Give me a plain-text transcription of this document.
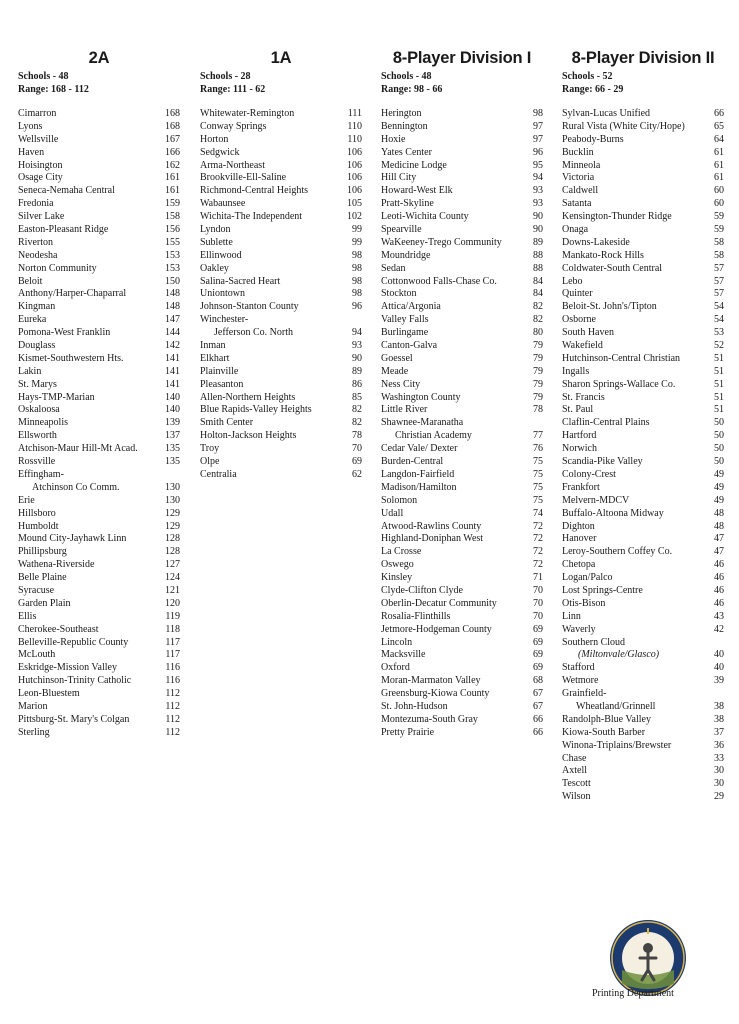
2A
Schools - 48
Range: 168 - 112
Cimarron	168
Lyons	168
Wellsville	167
Haven	166
Hoisington	162
Osage City	161
Seneca-Nemaha Central	161
Fredonia	159
Silver Lake	158
Easton-Pleasant Ridge	156
Riverton	155
Neodesha	153
Norton Community	153
Beloit	150
Anthony/Harper-Chaparral	148
Kingman	148
Eureka	147
Pomona-West Franklin	144
Douglass	142
Kismet-Southwestern Hts.	141
Lakin	141
St. Marys	141
Hays-TMP-Marian	140
Oskaloosa	140
Minneapolis	139
Ellsworth	137
Atchison-Maur Hill-Mt Acad.	135
Rossville	135
Effingham-
Atchinson Co Comm.	130
Erie	130
Hillsboro	129
Humboldt	129
Mound City-Jayhawk Linn	128
Phillipsburg	128
Wathena-Riverside	127
Belle Plaine	124
Syracuse	121
Garden Plain	120
Ellis	119
Cherokee-Southeast	118
Belleville-Republic County	117
McLouth	117
Eskridge-Mission Valley	116
Hutchinson-Trinity Catholic	116
Leon-Bluestem	112
Marion	112
Pittsburg-St. Mary's Colgan	112
Sterling	112
1A
Schools - 28
Range: 111 - 62
Whitewater-Remington	111
Conway Springs	110
Horton	110
Sedgwick	106
Arma-Northeast	106
Brookville-Ell-Saline	106
Richmond-Central Heights	106
Wabaunsee	105
Wichita-The Independent	102
Lyndon	99
Sublette	99
Ellinwood	98
Oakley	98
Salina-Sacred Heart	98
Uniontown	98
Johnson-Stanton County	96
Winchester-
Jefferson Co. North	94
Inman	93
Elkhart	90
Plainville	89
Pleasanton	86
Allen-Northern Heights	85
Blue Rapids-Valley Heights	82
Smith Center	82
Holton-Jackson Heights	78
Troy	70
Olpe	69
Centralia	62
8-Player Division I
Schools - 48
Range: 98 - 66
Herington	98
Bennington	97
Hoxie	97
Yates Center	96
Medicine Lodge	95
Hill City	94
Howard-West Elk	93
Pratt-Skyline	93
Leoti-Wichita County	90
Spearville	90
WaKeeney-Trego Community	89
Moundridge	88
Sedan	88
Cottonwood Falls-Chase Co.	84
Stockton	84
Attica/Argonia	82
Valley Falls	82
Burlingame	80
Canton-Galva	79
Goessel	79
Meade	79
Ness City	79
Washington County	79
Little River	78
Shawnee-Maranatha
Christian Academy	77
Cedar Vale/ Dexter	76
Burden-Central	75
Langdon-Fairfield	75
Madison/Hamilton	75
Solomon	75
Udall	74
Atwood-Rawlins County	72
Highland-Doniphan West	72
La Crosse	72
Oswego	72
Kinsley	71
Clyde-Clifton Clyde	70
Oberlin-Decatur Community	70
Rosalia-Flinthills	70
Jetmore-Hodgeman County	69
Lincoln	69
Macksville	69
Oxford	69
Moran-Marmaton Valley	68
Greensburg-Kiowa County	67
St. John-Hudson	67
Montezuma-South Gray	66
Pretty Prairie	66
8-Player Division II
Schools - 52
Range: 66 - 29
Sylvan-Lucas Unified	66
Rural Vista (White City/Hope)	65
Peabody-Burns	64
Bucklin	61
Minneola	61
Victoria	61
Caldwell	60
Satanta	60
Kensington-Thunder Ridge	59
Onaga	59
Downs-Lakeside	58
Mankato-Rock Hills	58
Coldwater-South Central	57
Lebo	57
Quinter	57
Beloit-St. John's/Tipton	54
Osborne	54
South Haven	53
Wakefield	52
Hutchinson-Central Christian	51
Ingalls	51
Sharon Springs-Wallace Co.	51
St. Francis	51
St. Paul	51
Claflin-Central Plains	50
Hartford	50
Norwich	50
Scandia-Pike Valley	50
Colony-Crest	49
Frankfort	49
Melvern-MDCV	49
Buffalo-Altoona Midway	48
Dighton	48
Hanover	47
Leroy-Southern Coffey Co.	47
Chetopa	46
Logan/Palco	46
Lost Springs-Centre	46
Otis-Bison	46
Linn	43
Waverly	42
Southern Cloud
(Miltonvale/Glasco)	40
Stafford	40
Wetmore	39
Grainfield-
Wheatland/Grinnell	38
Randolph-Blue Valley	38
Kiowa-South Barber	37
Winona-Triplains/Brewster	36
Chase	33
Axtell	30
Tescott	30
Wilson	29
Printing Department
